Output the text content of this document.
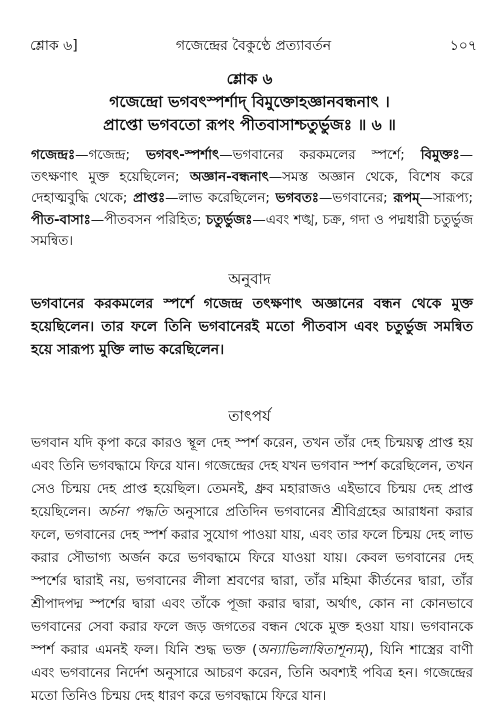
শ্লোক ৬]	গজেন্দ্রের বৈকুণ্ঠে প্রত্যাবর্তন	১০৭
শ্লোক ৬
গজেন্দ্রো ভগবৎস্পর্শাদ্ বিমুক্তোহজ্ঞানবন্ধনাৎ ।
প্রাপ্তো ভগবতো রূপং পীতবাসাশ্চতুর্ভুজঃ ॥ ৬ ॥
গজেন্দ্রঃ—গজেন্দ্র; ভগবৎ-স্পর্শাৎ—ভগবানের করকমলের স্পর্শে; বিমুক্তঃ—তৎক্ষণাৎ মুক্ত হয়েছিলেন; অজ্ঞান-বন্ধনাৎ—সমস্ত অজ্ঞান থেকে, বিশেষ করে দেহাত্মবুদ্ধি থেকে; প্রাপ্তঃ—লাভ করেছিলেন; ভগবতঃ—ভগবানের; রূপম্—সারূপ্য; পীত-বাসাঃ—পীতবসন পরিহিত; চতুর্ভুজঃ—এবং শঙ্খ, চক্র, গদা ও পদ্মধারী চতুর্ভুজ সমন্বিত।
অনুবাদ
ভগবানের করকমলের স্পর্শে গজেন্দ্র তৎক্ষণাৎ অজ্ঞানের বন্ধন থেকে মুক্ত হয়েছিলেন। তার ফলে তিনি ভগবানেরই মতো পীতবাস এবং চতুর্ভুজ সমন্বিত হয়ে সারূপ্য মুক্তি লাভ করেছিলেন।
তাৎপর্য
ভগবান যদি কৃপা করে কারও স্থূল দেহ স্পর্শ করেন, তখন তাঁর দেহ চিন্ময়ত্ব প্রাপ্ত হয় এবং তিনি ভগবদ্ধামে ফিরে যান। গজেন্দ্রের দেহ যখন ভগবান স্পর্শ করেছিলেন, তখন সেও চিন্ময় দেহ প্রাপ্ত হয়েছিল। তেমনই, ধ্রুব মহারাজও এইভাবে চিন্ময় দেহ প্রাপ্ত হয়েছিলেন। অর্চনা পদ্ধতি অনুসারে প্রতিদিন ভগবানের শ্রীবিগ্রহের আরাধনা করার ফলে, ভগবানের দেহ স্পর্শ করার সুযোগ পাওয়া যায়, এবং তার ফলে চিন্ময় দেহ লাভ করার সৌভাগ্য অর্জন করে ভগবদ্ধামে ফিরে যাওয়া যায়। কেবল ভগবানের দেহ স্পর্শের দ্বারাই নয়, ভগবানের লীলা শ্রবণের দ্বারা, তাঁর মহিমা কীর্তনের দ্বারা, তাঁর শ্রীপাদপদ্ম স্পর্শের দ্বারা এবং তাঁকে পূজা করার দ্বারা, অর্থাৎ, কোন না কোনভাবে ভগবানের সেবা করার ফলে জড় জগতের বন্ধন থেকে মুক্ত হওয়া যায়। ভগবানকে স্পর্শ করার এমনই ফল। যিনি শুদ্ধ ভক্ত (অন্যাভিলাষিতাশূন্যম্), যিনি শাস্ত্রের বাণী এবং ভগবানের নির্দেশ অনুসারে আচরণ করেন, তিনি অবশ্যই পবিত্র হন। গজেন্দ্রের মতো তিনিও চিন্ময় দেহ ধারণ করে ভগবদ্ধামে ফিরে যান।
